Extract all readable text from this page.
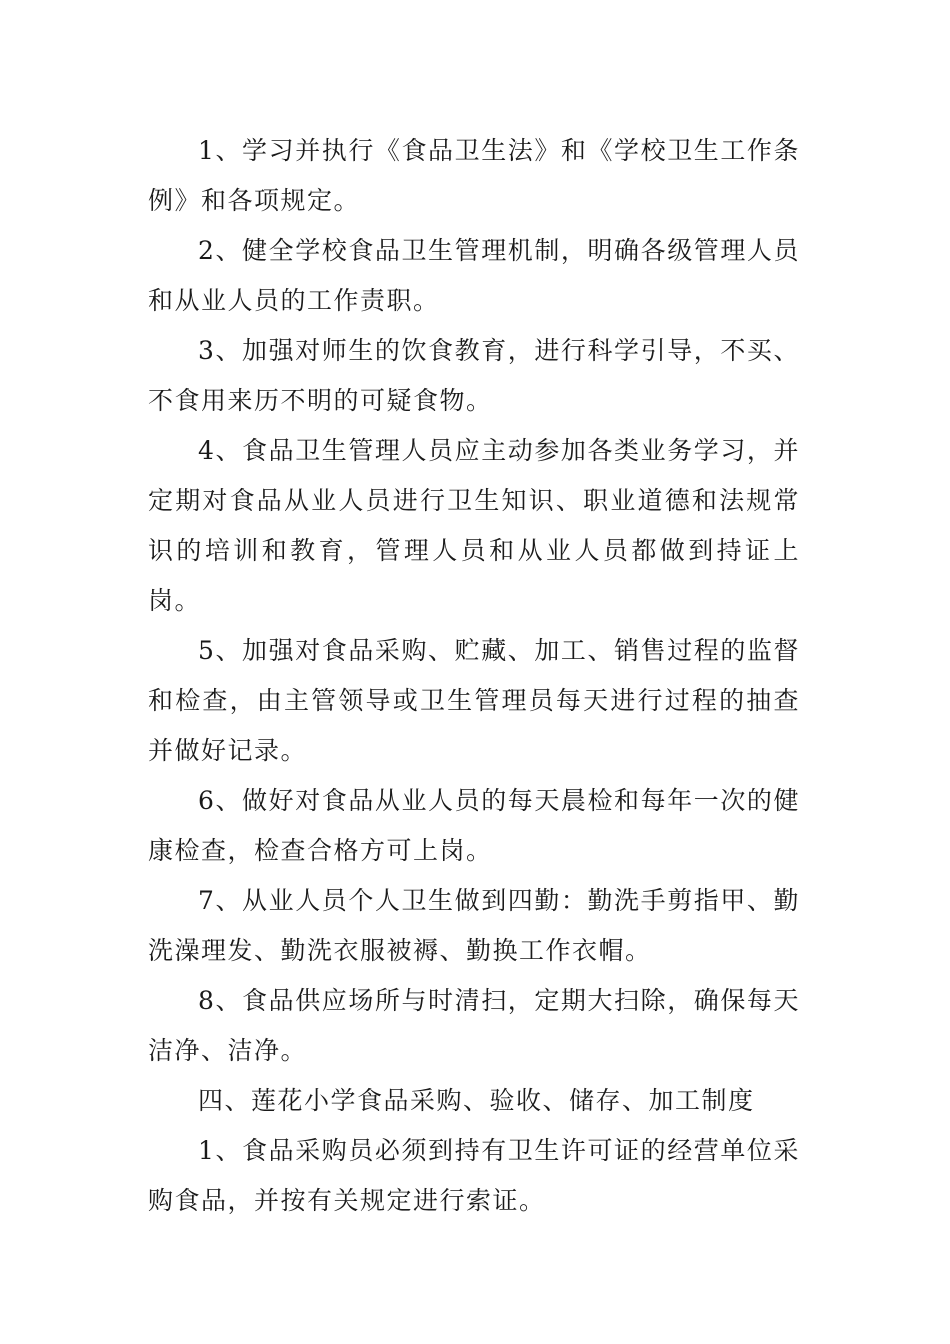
1、学习并执行《食品卫生法》和《学校卫生工作条例》和各项规定。

2、健全学校食品卫生管理机制，明确各级管理人员和从业人员的工作责职。

3、加强对师生的饮食教育，进行科学引导，不买、不食用来历不明的可疑食物。

4、食品卫生管理人员应主动参加各类业务学习，并定期对食品从业人员进行卫生知识、职业道德和法规常识的培训和教育，管理人员和从业人员都做到持证上岗。

5、加强对食品采购、贮藏、加工、销售过程的监督和检查，由主管领导或卫生管理员每天进行过程的抽查并做好记录。

6、做好对食品从业人员的每天晨检和每年一次的健康检查，检查合格方可上岗。

7、从业人员个人卫生做到四勤：勤洗手剪指甲、勤洗澡理发、勤洗衣服被褥、勤换工作衣帽。

8、食品供应场所与时清扫，定期大扫除，确保每天洁净、洁净。

四、莲花小学食品采购、验收、储存、加工制度

1、食品采购员必须到持有卫生许可证的经营单位采购食品，并按有关规定进行索证。
